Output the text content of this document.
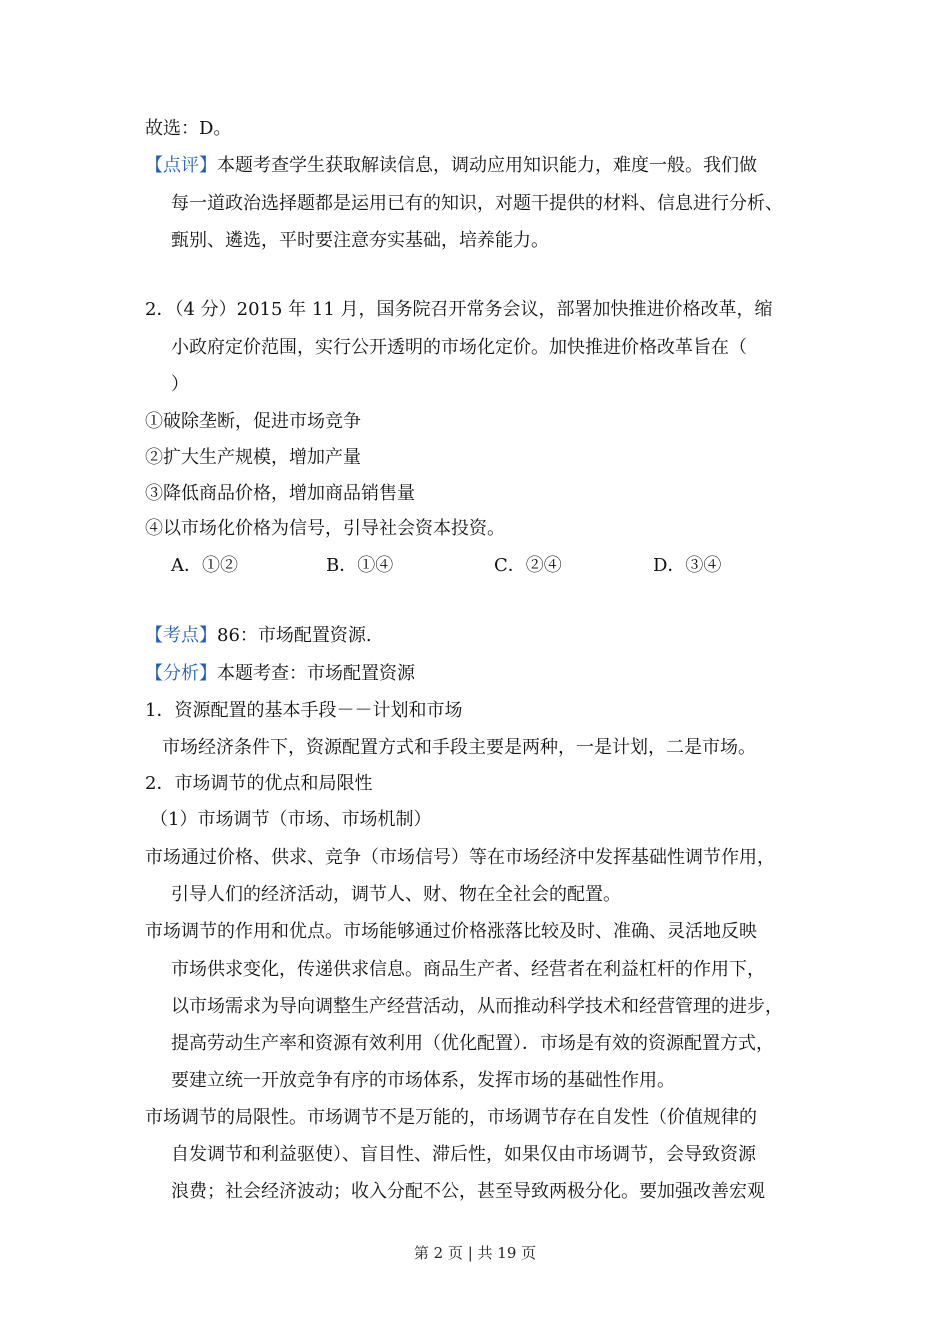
故选：D。
【点评】本题考查学生获取解读信息，调动应用知识能力，难度一般。我们做
每一道政治选择题都是运用已有的知识，对题干提供的材料、信息进行分析、
甄别、遴选，平时要注意夯实基础，培养能力。
2．（4 分）2015 年 11 月，国务院召开常务会议，部署加快推进价格改革，缩
小政府定价范围，实行公开透明的市场化定价。加快推进价格改革旨在（
）
①破除垄断，促进市场竞争
②扩大生产规模，增加产量
③降低商品价格，增加商品销售量
④以市场化价格为信号，引导社会资本投资。
A．①②	B．①④	C．②④	D．③④
【考点】86：市场配置资源.
【分析】本题考查：市场配置资源
1．资源配置的基本手段－－计划和市场
市场经济条件下，资源配置方式和手段主要是两种，一是计划，二是市场。
2．市场调节的优点和局限性
（1）市场调节（市场、市场机制）
市场通过价格、供求、竞争（市场信号）等在市场经济中发挥基础性调节作用，
引导人们的经济活动，调节人、财、物在全社会的配置。
市场调节的作用和优点。市场能够通过价格涨落比较及时、准确、灵活地反映
市场供求变化，传递供求信息。商品生产者、经营者在利益杠杆的作用下，
以市场需求为导向调整生产经营活动，从而推动科学技术和经营管理的进步，
提高劳动生产率和资源有效利用（优化配置）．市场是有效的资源配置方式，
要建立统一开放竞争有序的市场体系，发挥市场的基础性作用。
市场调节的局限性。市场调节不是万能的，市场调节存在自发性（价值规律的
自发调节和利益驱使）、盲目性、滞后性，如果仅由市场调节，会导致资源
浪费；社会经济波动；收入分配不公，甚至导致两极分化。要加强改善宏观
第 2 页 | 共 19 页
